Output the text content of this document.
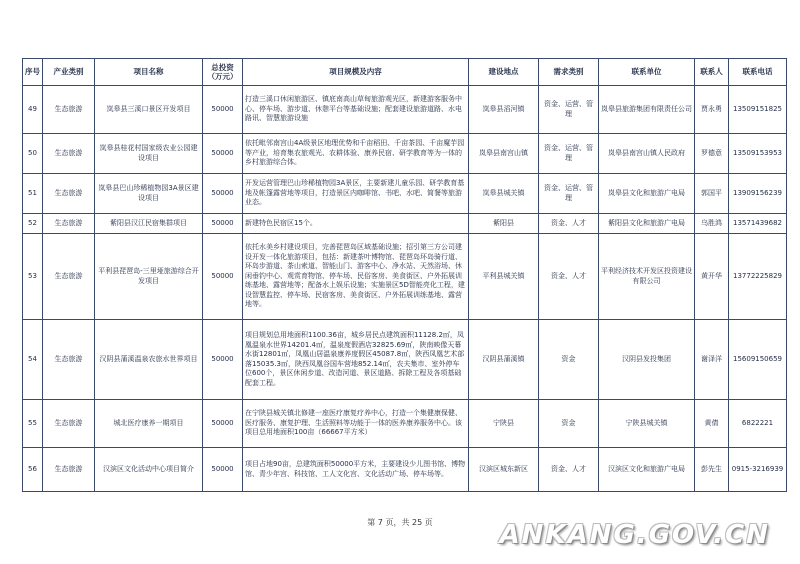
序号	产业类别	项目名称	总投资（万元）	项目规模及内容	建设地点	需求类别	联系单位	联系人	联系电话
49	生态旅游	岚皋县三溪口景区开发项目	50000	打造三溪口休闲旅游区、镇底南高山草甸旅游观光区，新建游客服务中心、停车场、游步道、休憩平台等基础设施；配套建设旅游道路、水电路讯、智慧旅游设施	岚皋县滔河镇	资金、运营、管理	岚皋县旅游集团有限责任公司	贾永勇	13509151825
50	生态旅游	岚皋县桂花村国家级农业公园建设项目	50000	依托毗邻南宫山4A级景区地理优势和千亩稻田、千亩茶园、千亩魔芋园等产业，培育集农旅观光、农耕体验、康养民宿、研学教育等为一体的乡村旅游综合体。	岚皋县南宫山镇	资金、运营、管理	岚皋县南宫山镇人民政府	罗德意	13509153953
51	生态旅游	岚皋县巴山珍稀植物园3A景区建设项目	50000	开发运营管理巴山珍稀植物园3A景区，主要新建儿童乐园、研学教育基地及帐篷露营地等项目，打造景区内咖啡馆、书吧、水吧、简餐等旅游业态。	岚皋县城关镇	资金、运营、管理	岚皋县文化和旅游广电局	郭国平	13909156239
52	生态旅游	紫阳县汉江民宿集群项目	50000	新建特色民宿区15个。	紫阳县	资金、人才	紫阳县文化和旅游广电局	乌胜鸿	13571439682
53	生态旅游	平利县琵琶岛-三里垭旅游综合开发项目	50000	依托水美乡村建设项目，完善琵琶岛区域基础设施；招引第三方公司建设开发一体化旅游项目，包括：新建茶叶博物馆、琵琶岛环岛骑行道、环岛步游道、茶山索道、智能山门、游客中心、净水站、天然浴场、休闲垂钓中心、观赏育物馆、停车场、民俗客房、美食街区、户外拓展训练基地、露营地等；配备水上娱乐设施；实施景区5D智能亮化工程，建设智慧监控、停车场、民宿客房、美食街区、户外拓展训练基地、露营地等。	平利县城关镇	资金、人才	平利经济技术开发区投资建设有限公司	黄开华	13772225829
54	生态旅游	汉阴县蒲溪温泉农旅水世界项目	50000	项目规划总用地面积1100.36亩，城乡居民点建筑面积11128.2㎡，凤凰温泉水世界14201.4㎡，温泉度假酒店32825.69㎡，陕南映像天幕水街12801㎡，凤凰山居温泉康养度假区45087.8㎡，陕西凤凰艺术部落15035.3㎡，陕西凤凰谷国车营地852.14㎡，农夫集市、室外停车位600个，景区休闲步道、改造河道、景区道路、拆除工程及各项基础配套工程。	汉阴县蒲溪镇	资金	汉阴县发投集团	谢泽洋	15609150659
55	生态旅游	城北医疗康养一期项目	50000	在宁陕县城关镇北修建一座医疗康复疗养中心，打造一个集健康保健、医疗服务、康复护理、生活照料等功能于一体的医养康养服务中心。该项目总用地面积100亩（66667平方米）	宁陕县	资金	宁陕县城关镇	黄倩	6822221
56	生态旅游	汉滨区文化活动中心项目简介	50000	项目占地90亩，总建筑面积50000平方米，主要建设少儿图书馆、博物馆、青少年宫、科技馆、工人文化宫、文化活动广场、停车场等。	汉滨区城东新区	资金、人才	汉滨区文化和旅游广电局	彭先生	0915-3216939
第 7 页，共 25 页	ANKANG.GOV.CN
